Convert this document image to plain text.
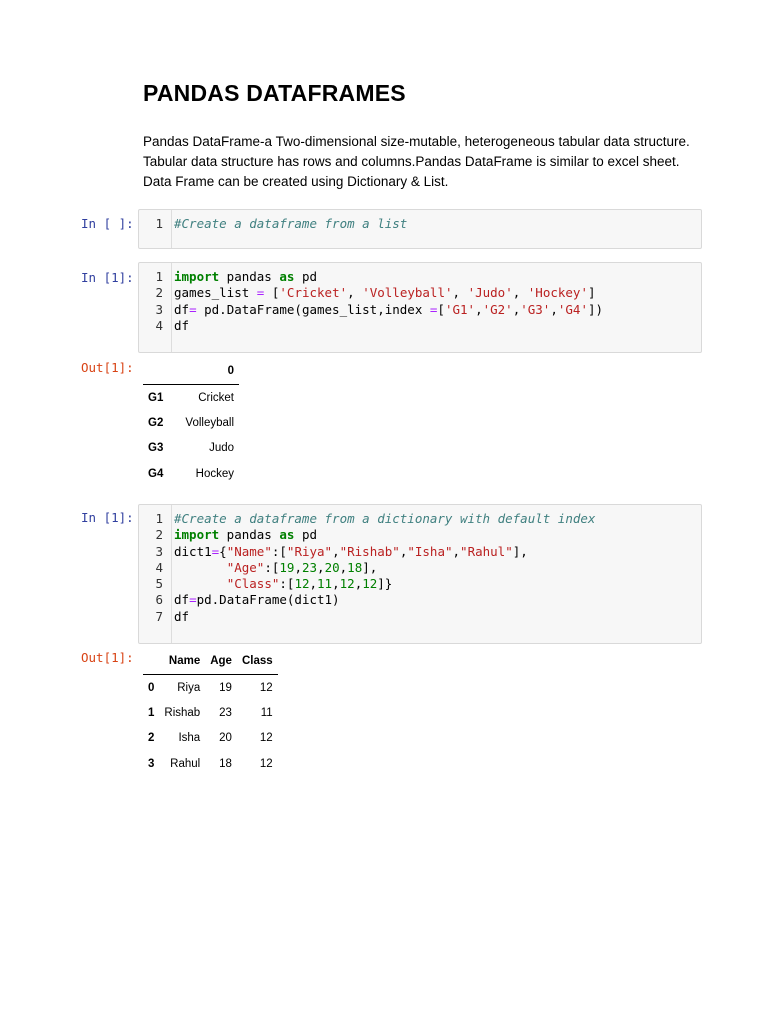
PANDAS DATAFRAMES
Pandas DataFrame-a Two-dimensional size-mutable, heterogeneous tabular data structure.
Tabular data structure has rows and columns.Pandas DataFrame is similar to excel sheet.
Data Frame can be created using Dictionary & List.
In [ ]:	1 #Create a dataframe from a list
In [1]:	1 import pandas as pd
2 games_list = ['Cricket', 'Volleyball', 'Judo', 'Hockey']
3 df= pd.DataFrame(games_list,index =['G1','G2','G3','G4'])
4 df
Out[1]:
		0
G1	Cricket
G2	Volleyball
G3	Judo
G4	Hockey
In [1]:	1 #Create a dataframe from a dictionary with default index
2 import pandas as pd
3 dict1={"Name":["Riya","Rishab","Isha","Rahul"],
4	"Age":[19,23,20,18],
5	"Class":[12,11,12,12]}
6 df=pd.DataFrame(dict1)
7 df
Out[1]:
		Name	Age	Class
0	Riya	19	12
1	Rishab	23	11
2	Isha	20	12
3	Rahul	18	12
